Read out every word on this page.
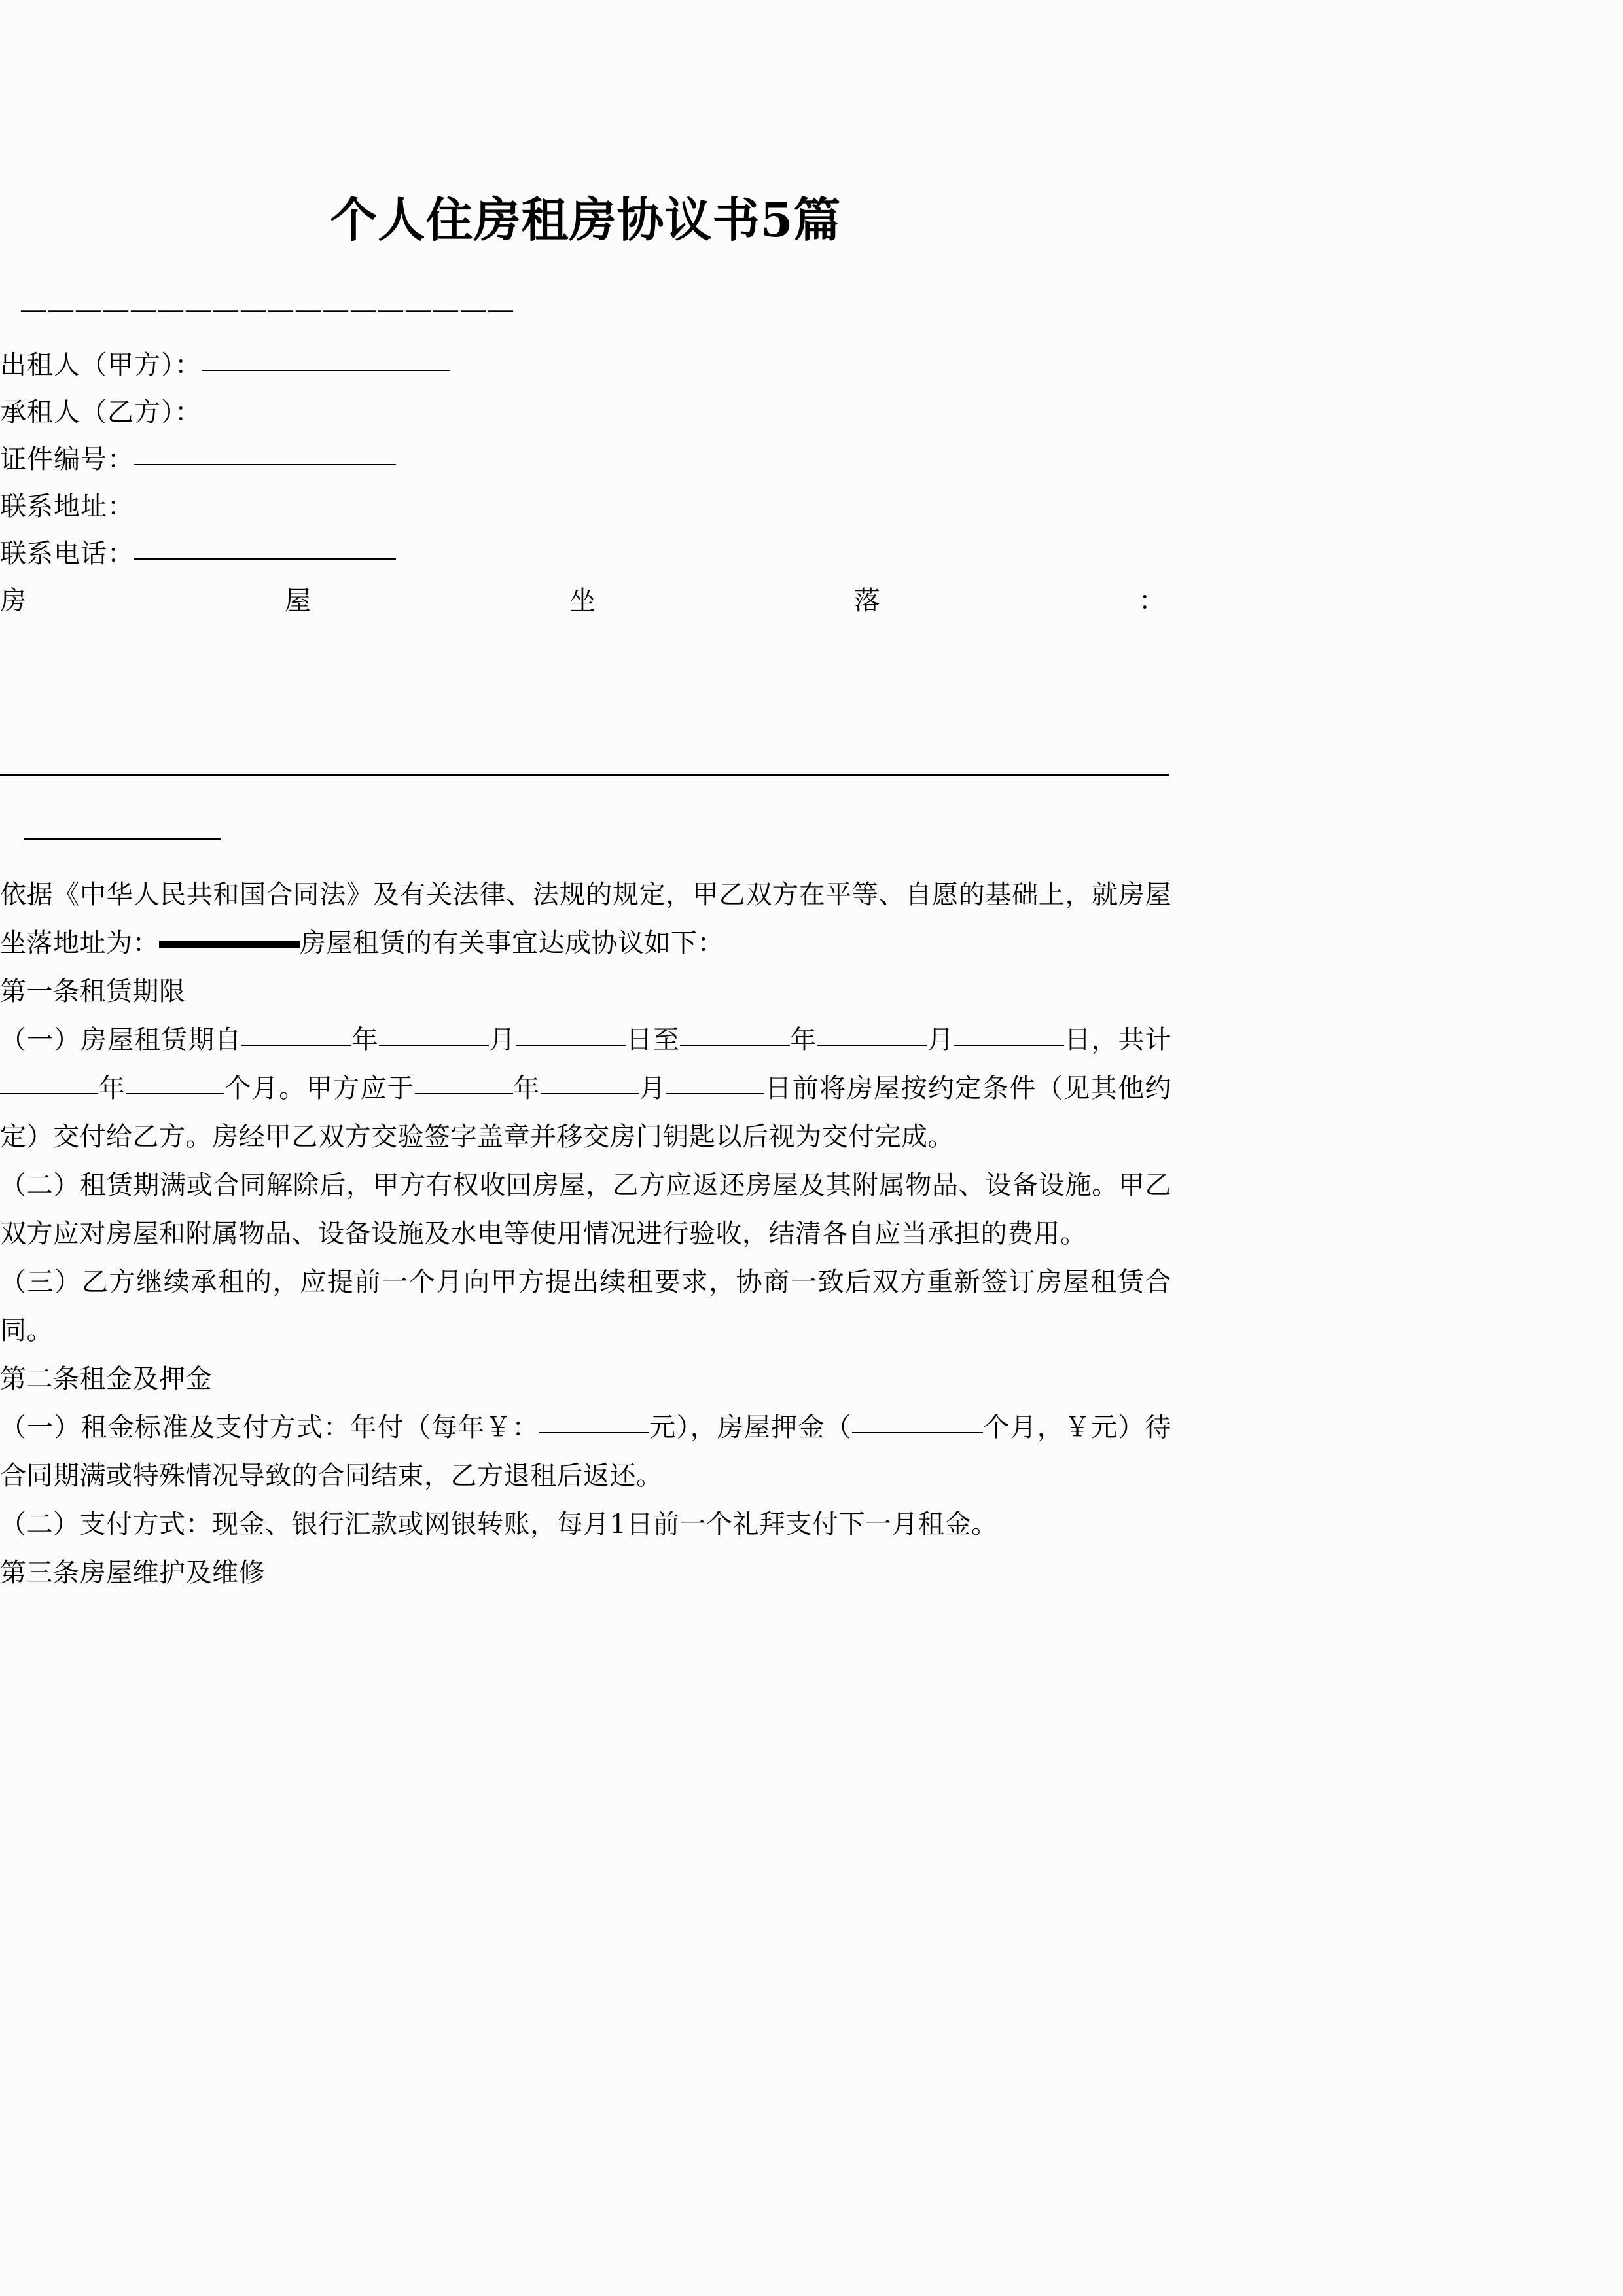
个人住房租房协议书5篇
——————————————————
出租人（甲方）：
承租人（乙方）：
证件编号：
联系地址：
联系电话：
房	屋	坐	落	：

依据《中华人民共和国合同法》及有关法律、法规的规定，甲乙双方在平等、自愿的基础上，就房屋坐落地址为：	房屋租赁的有关事宜达成协议如下：

第一条租赁期限

（一）房屋租赁期自	年	月	日至	年	月	日，共计年	个月。甲方应于	年	月	日前将房屋按约定条件（见其他约定）交付给乙方。房经甲乙双方交验签字盖章并移交房门钥匙以后视为交付完成。

（二）租赁期满或合同解除后，甲方有权收回房屋，乙方应返还房屋及其附属物品、设备设施。甲乙双方应对房屋和附属物品、设备设施及水电等使用情况进行验收，结清各自应当承担的费用。

（三）乙方继续承租的，应提前一个月向甲方提出续租要求，协商一致后双方重新签订房屋租赁合同。

第二条租金及押金

（一）租金标准及支付方式：年付（每年￥：	元），房屋押金（	个月，￥元）待合同期满或特殊情况导致的合同结束，乙方退租后返还。

（二）支付方式：现金、银行汇款或网银转账，每月1日前一个礼拜支付下一月租金。

第三条房屋维护及维修
